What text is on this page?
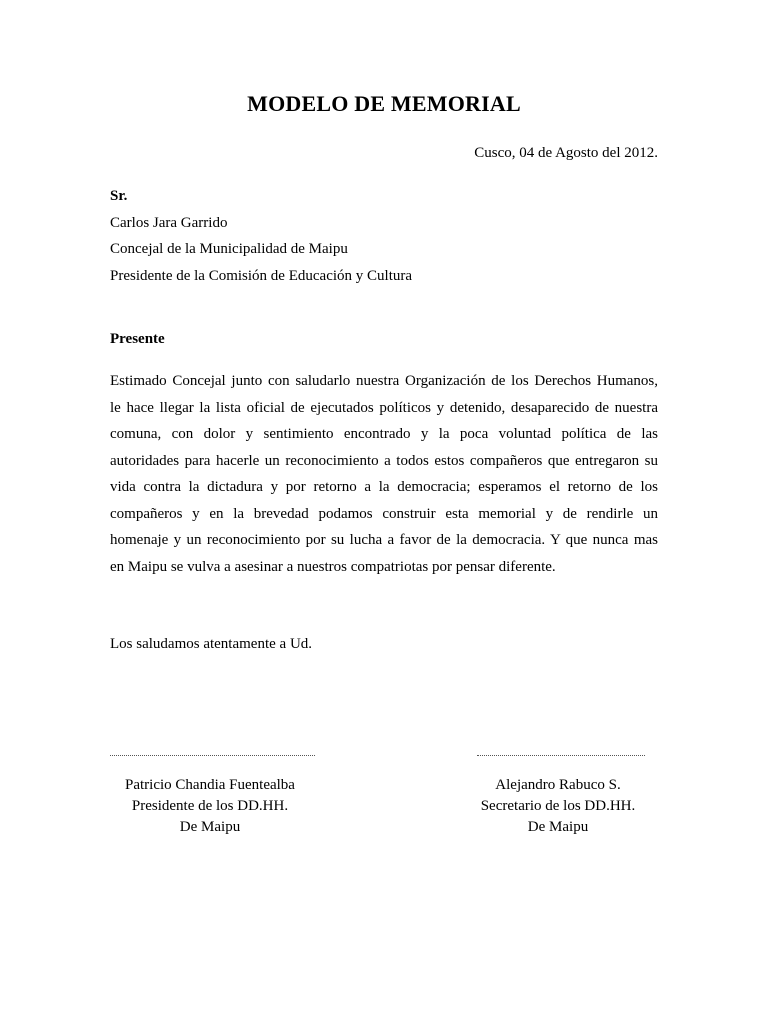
MODELO DE MEMORIAL
Cusco, 04 de Agosto del 2012.
Sr.
Carlos Jara Garrido
Concejal de la Municipalidad de Maipu
Presidente de la Comisión de Educación y Cultura
Presente
Estimado Concejal junto con saludarlo nuestra Organización de los Derechos Humanos,
le hace llegar la lista oficial de ejecutados políticos y detenido, desaparecido de nuestra
comuna, con dolor y sentimiento encontrado y la poca voluntad política de las
autoridades para hacerle un reconocimiento a todos estos compañeros que entregaron su
vida contra la dictadura y por retorno a la democracia; esperamos el retorno de los
compañeros y en la brevedad podamos construir esta memorial y de rendirle un
homenaje y un reconocimiento por su lucha a favor de la democracia. Y que nunca mas
en Maipu se vulva a asesinar a nuestros compatriotas por pensar diferente.
Los saludamos atentamente a Ud.
Patricio Chandia Fuentealba
Presidente de los DD.HH.
De Maipu
Alejandro Rabuco S.
Secretario de los DD.HH.
De Maipu
